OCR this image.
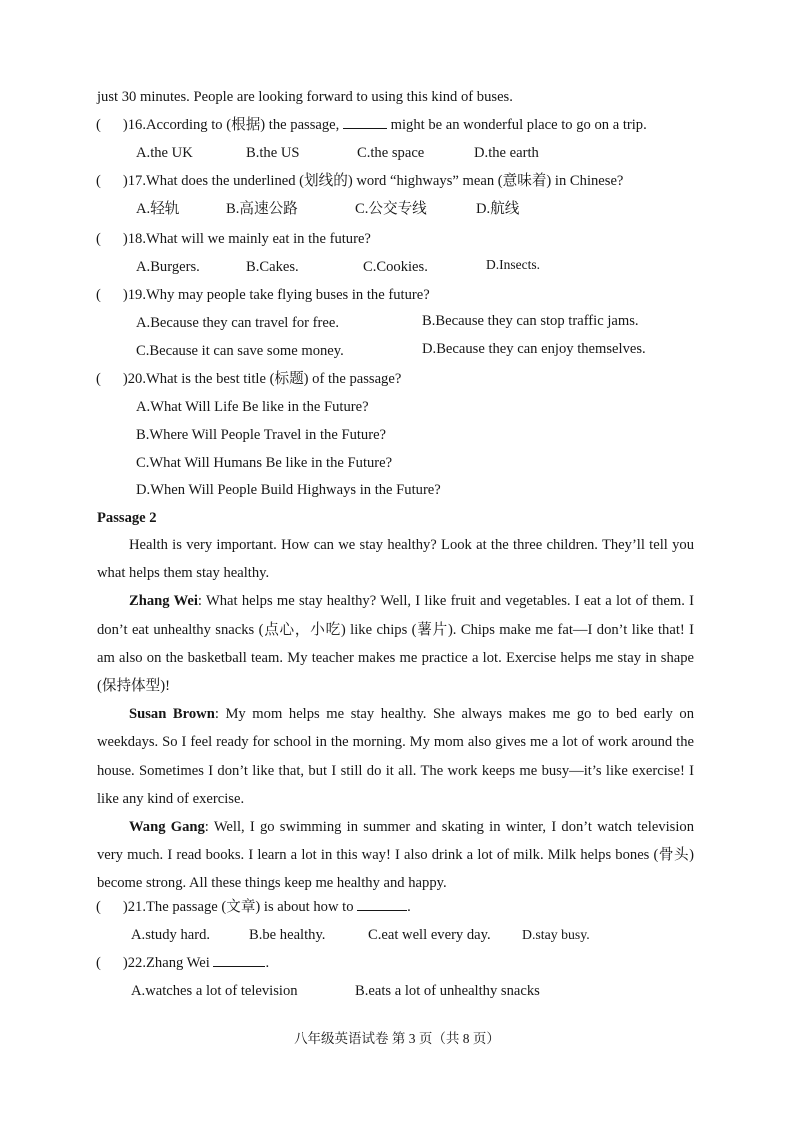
just 30 minutes. People are looking forward to using this kind of buses.
( )16.According to (根据) the passage,	might be an wonderful place to go on a trip.
A.the UK	B.the US	C.the space	D.the earth
( )17.What does the underlined (划线的) word “highways” mean (意味着) in Chinese?
A.轻轨	B.高速公路	C.公交专线	D.航线
( )18.What will we mainly eat in the future?
A.Burgers.	B.Cakes.	C.Cookies.	D.Insects.
( )19.Why may people take flying buses in the future?
A.Because they can travel for free.	B.Because they can stop traffic jams.
C.Because it can save some money.	D.Because they can enjoy themselves.
( )20.What is the best title (标题) of the passage?
A.What Will Life Be like in the Future?
B.Where Will People Travel in the Future?
C.What Will Humans Be like in the Future?
D.When Will People Build Highways in the Future?
Passage 2

Health is very important. How can we stay healthy? Look at the three children. They’ll tell you what helps them stay healthy.

Zhang Wei: What helps me stay healthy? Well, I like fruit and vegetables. I eat a lot of them. I don’t eat unhealthy snacks (点心，小吃) like chips (薯片). Chips make me fat—I don’t like that! I am also on the basketball team. My teacher makes me practice a lot. Exercise helps me stay in shape (保持体型)!

Susan Brown: My mom helps me stay healthy. She always makes me go to bed early on weekdays. So I feel ready for school in the morning. My mom also gives me a lot of work around the house. Sometimes I don’t like that, but I still do it all. The work keeps me busy—it’s like exercise! I like any kind of exercise.

Wang Gang: Well, I go swimming in summer and skating in winter, I don’t watch television very much. I read books. I learn a lot in this way! I also drink a lot of milk. Milk helps bones (骨头) become strong. All these things keep me healthy and happy.

( )21.The passage (文章) is about how to	.
A.study hard.	B.be healthy.	C.eat well every day. D.stay busy.
( )22.Zhang Wei	.
A.watches a lot of television	B.eats a lot of unhealthy snacks
八年级英语试卷 第 3 页（共 8 页）
